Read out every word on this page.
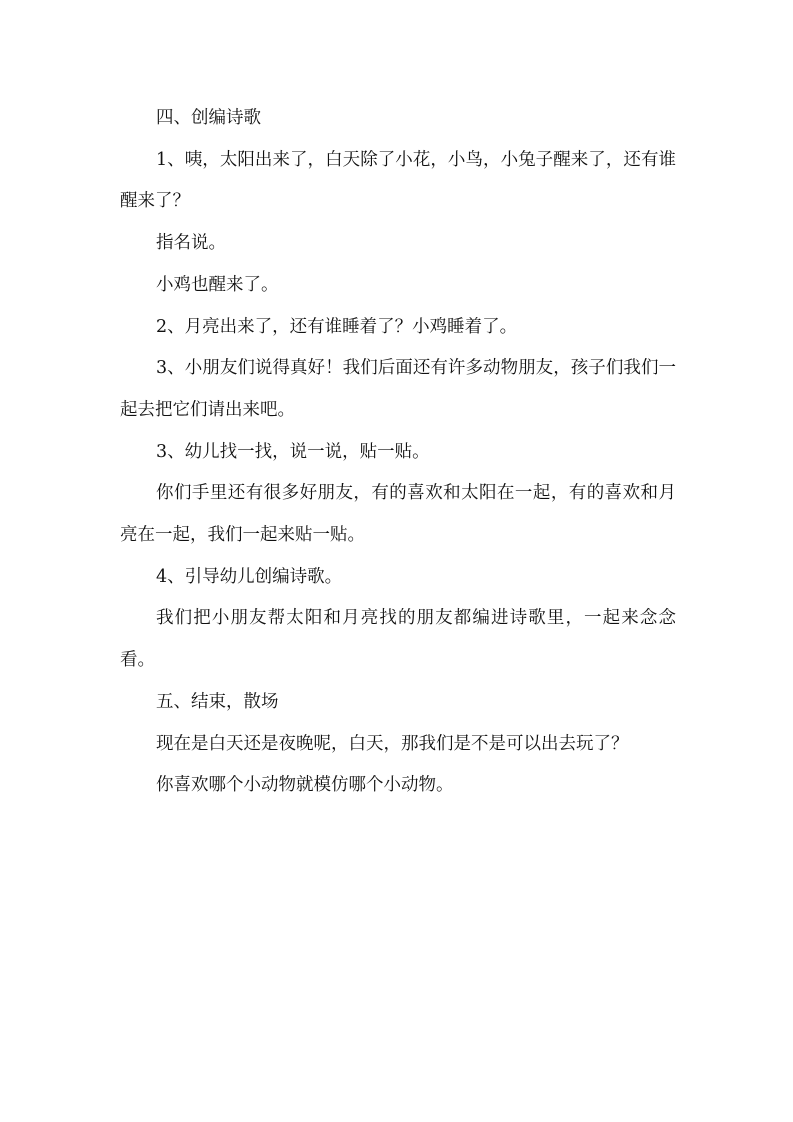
四、创编诗歌

1、咦，太阳出来了，白天除了小花，小鸟，小兔子醒来了，还有谁醒来了？

指名说。

小鸡也醒来了。

2、月亮出来了，还有谁睡着了？小鸡睡着了。

3、小朋友们说得真好！我们后面还有许多动物朋友，孩子们我们一起去把它们请出来吧。

3、幼儿找一找，说一说，贴一贴。

你们手里还有很多好朋友，有的喜欢和太阳在一起，有的喜欢和月亮在一起，我们一起来贴一贴。

4、引导幼儿创编诗歌。

我们把小朋友帮太阳和月亮找的朋友都编进诗歌里，一起来念念看。

五、结束，散场

现在是白天还是夜晚呢，白天，那我们是不是可以出去玩了？

你喜欢哪个小动物就模仿哪个小动物。
